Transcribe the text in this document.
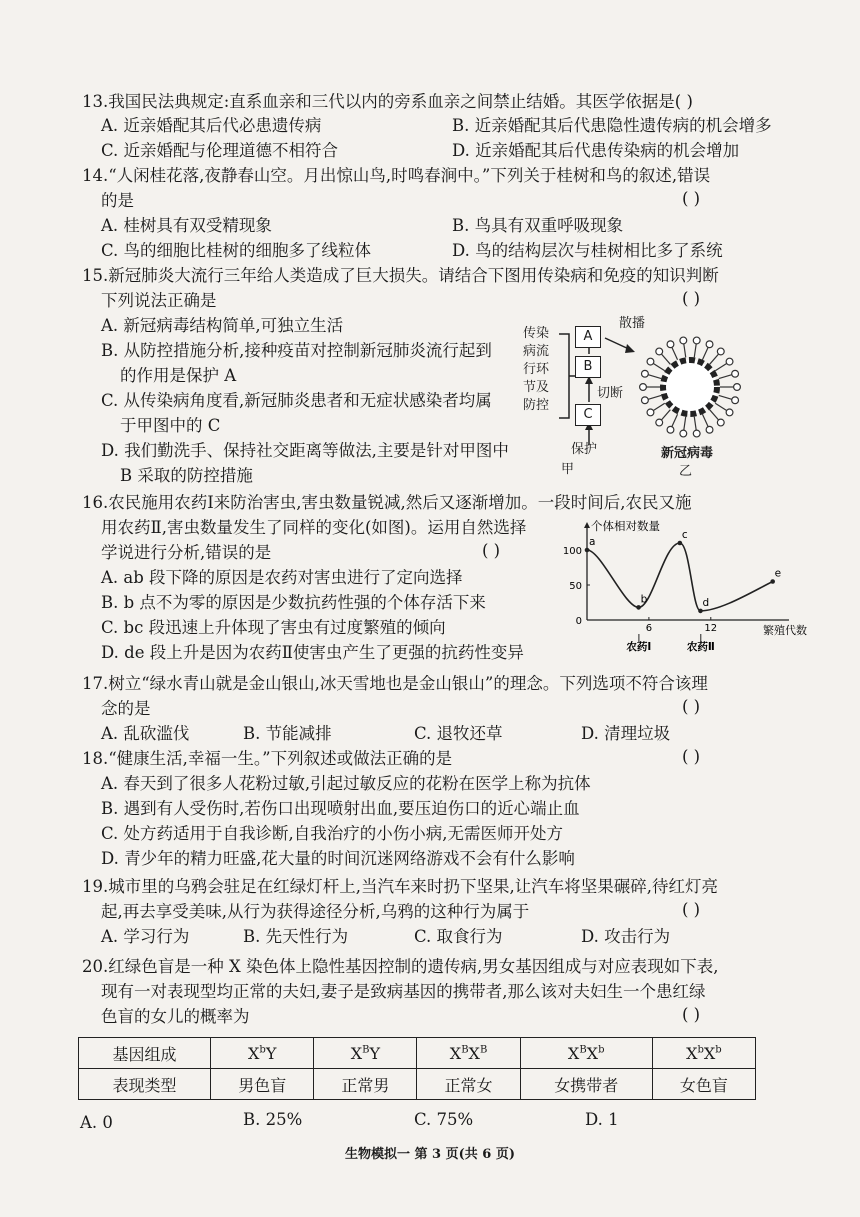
13.我国民法典规定:直系血亲和三代以内的旁系血亲之间禁止结婚。其医学依据是( )
A. 近亲婚配其后代必患遗传病	B. 近亲婚配其后代患隐性遗传病的机会增多
C. 近亲婚配与伦理道德不相符合	D. 近亲婚配其后代患传染病的机会增加
14.“人闲桂花落,夜静春山空。月出惊山鸟,时鸣春涧中。”下列关于桂树和鸟的叙述,错误
的是	( )
A. 桂树具有双受精现象	B. 鸟具有双重呼吸现象
C. 鸟的细胞比桂树的细胞多了线粒体	D. 鸟的结构层次与桂树相比多了系统
15.新冠肺炎大流行三年给人类造成了巨大损失。请结合下图用传染病和免疫的知识判断
下列说法正确是	( )
A. 新冠病毒结构简单,可独立生活
B. 从防控措施分析,接种疫苗对控制新冠肺炎流行起到
的作用是保护 A
C. 从传染病角度看,新冠肺炎患者和无症状感染者均属
于甲图中的 C
D. 我们勤洗手、保持社交距离等做法,主要是针对甲图中
B 采取的防控措施
传染
病流
行环
节及
防控
A
B
C
散播
切断
保护
甲
新冠病毒
乙
16.农民施用农药Ⅰ来防治害虫,害虫数量锐减,然后又逐渐增加。一段时间后,农民又施
用农药Ⅱ,害虫数量发生了同样的变化(如图)。运用自然选择
学说进行分析,错误的是	( )
A. ab 段下降的原因是农药对害虫进行了定向选择
B. b 点不为零的原因是少数抗药性强的个体存活下来
C. bc 段迅速上升体现了害虫有过度繁殖的倾向
D. de 段上升是因为农药Ⅱ使害虫产生了更强的抗药性变异
个体相对数量
繁殖代数
0
50
100
6
农药Ⅰ
12
农药Ⅱ
a
b
c
d
e
17.树立“绿水青山就是金山银山,冰天雪地也是金山银山”的理念。下列选项不符合该理
念的是	( )
A. 乱砍滥伐	B. 节能减排	C. 退牧还草	D. 清理垃圾
18.“健康生活,幸福一生。”下列叙述或做法正确的是	( )
A. 春天到了很多人花粉过敏,引起过敏反应的花粉在医学上称为抗体
B. 遇到有人受伤时,若伤口出现喷射出血,要压迫伤口的近心端止血
C. 处方药适用于自我诊断,自我治疗的小伤小病,无需医师开处方
D. 青少年的精力旺盛,花大量的时间沉迷网络游戏不会有什么影响
19.城市里的乌鸦会驻足在红绿灯杆上,当汽车来时扔下坚果,让汽车将坚果碾碎,待红灯亮
起,再去享受美味,从行为获得途径分析,乌鸦的这种行为属于	( )
A. 学习行为	B. 先天性行为	C. 取食行为	D. 攻击行为
20.红绿色盲是一种 X 染色体上隐性基因控制的遗传病,男女基因组成与对应表现如下表,
现有一对表现型均正常的夫妇,妻子是致病基因的携带者,那么该对夫妇生一个患红绿
色盲的女儿的概率为	( )
基因组成	$X^bY$	$X^BY$	$X^BX^B$	$X^BX^b$	$X^bX^b$
表现类型	男色盲	正常男	正常女	女携带者	女色盲
A. 0	B. 25%	C. 75%	D. 1
生物模拟一 第 3 页(共 6 页)
